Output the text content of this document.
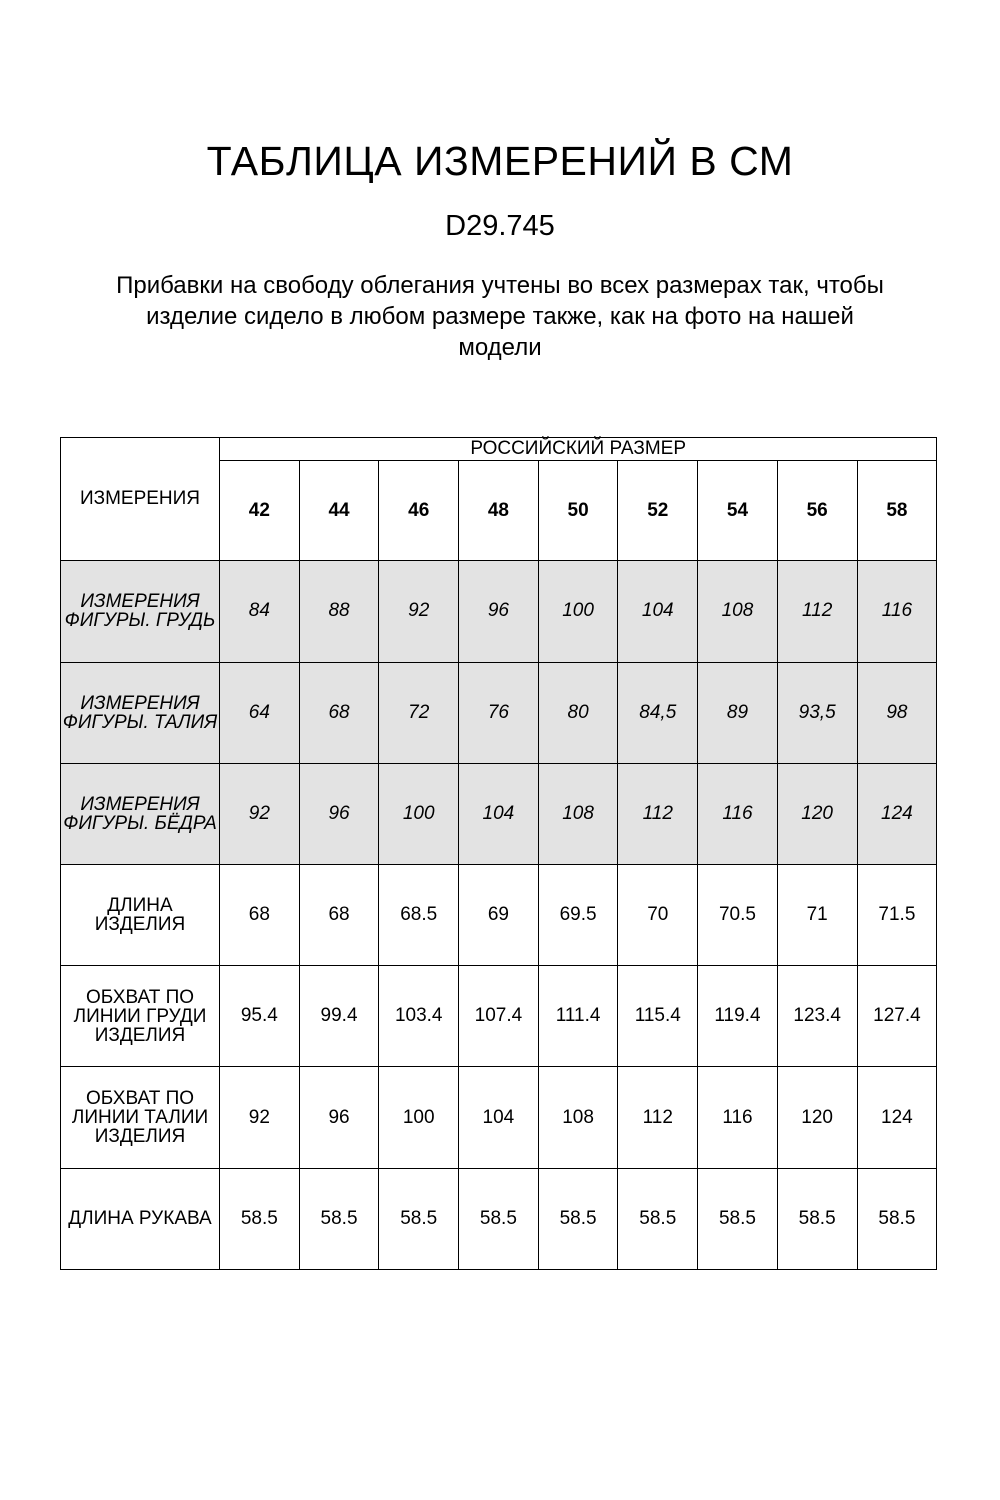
ТАБЛИЦА ИЗМЕРЕНИЙ В СМ
D29.745
Прибавки на свободу облегания учтены во всех размерах так, чтобы
изделие сидело в любом размере также, как на фото на нашей
модели
ИЗМЕРЕНИЯ	РОССИЙСКИЙ РАЗМЕР								
	42	44	46	48	50	52	54	56	58

ИЗМЕРЕНИЯ
ФИГУРЫ. ГРУДЬ	84	88	92	96	100	104	108	112	116

ИЗМЕРЕНИЯ
ФИГУРЫ. ТАЛИЯ	64	68	72	76	80	84,5	89	93,5	98

ИЗМЕРЕНИЯ
ФИГУРЫ. БЁДРА	92	96	100	104	108	112	116	120	124

ДЛИНА ИЗДЕЛИЯ	68	68	68.5	69	69.5	70	70.5	71	71.5

ОБХВАТ ПО
ЛИНИИ ГРУДИ
ИЗДЕЛИЯ	95.4	99.4	103.4	107.4	111.4	115.4	119.4	123.4	127.4

ОБХВАТ ПО
ЛИНИИ ТАЛИИ
ИЗДЕЛИЯ	92	96	100	104	108	112	116	120	124

ДЛИНА РУКАВА	58.5	58.5	58.5	58.5	58.5	58.5	58.5	58.5	58.5
